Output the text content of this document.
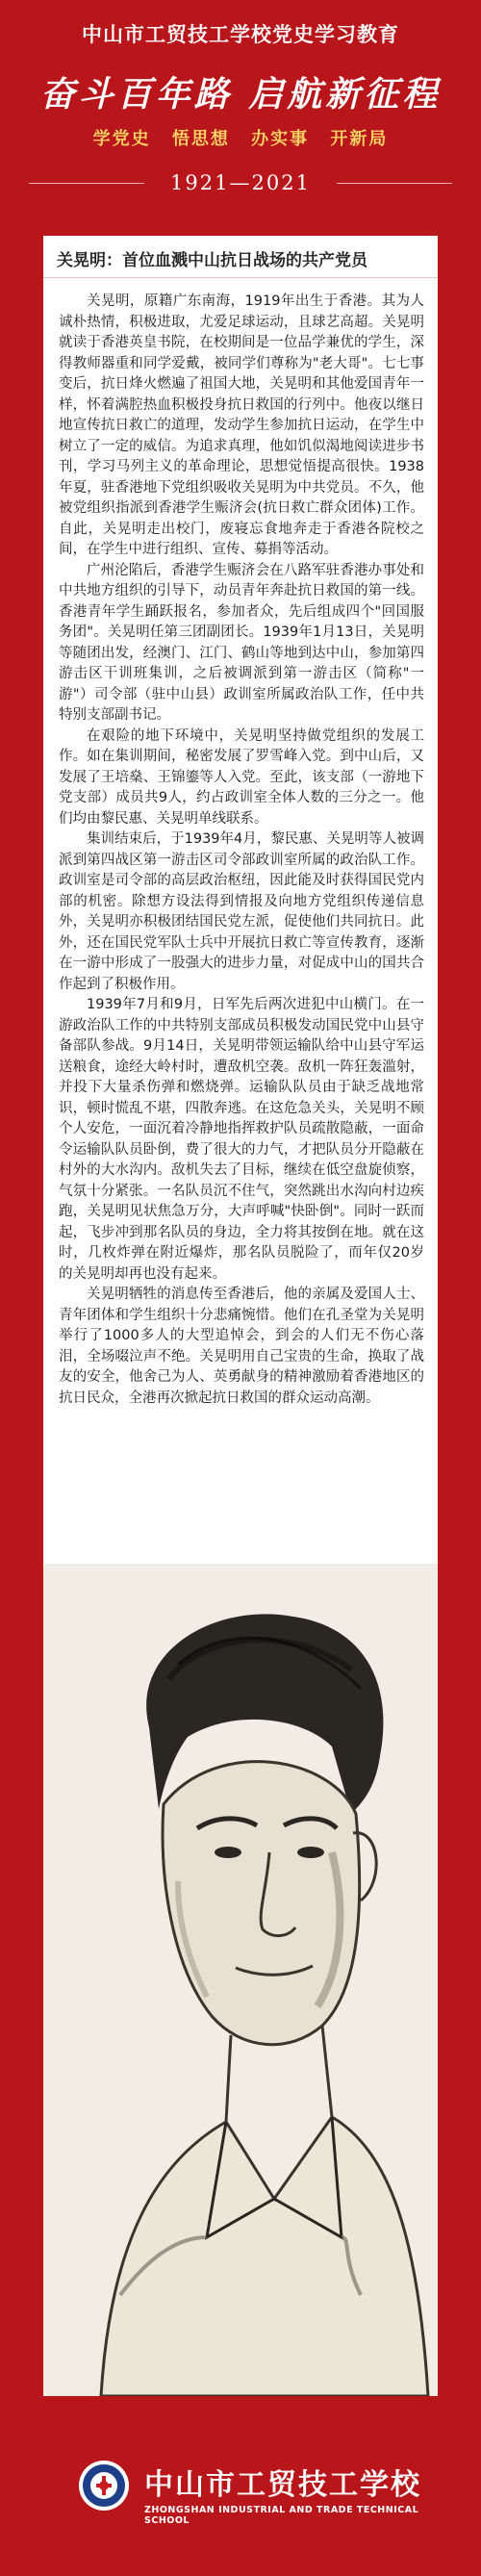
中山市工贸技工学校党史学习教育
奋斗百年路 启航新征程
学党史 悟思想 办实事 开新局
1921—2021
关晃明：首位血溅中山抗日战场的共产党员

关晃明，原籍广东南海，1919年出生于香港。其为人诚朴热情，积极进取，尤爱足球运动，且球艺高超。关晃明就读于香港英皇书院，在校期间是一位品学兼优的学生，深得教师器重和同学爱戴，被同学们尊称为"老大哥"。七七事变后，抗日烽火燃遍了祖国大地，关晃明和其他爱国青年一样，怀着满腔热血积极投身抗日救国的行列中。他夜以继日地宣传抗日救亡的道理，发动学生参加抗日运动，在学生中树立了一定的威信。为追求真理，他如饥似渴地阅读进步书刊，学习马列主义的革命理论，思想觉悟提高很快。1938年夏，驻香港地下党组织吸收关晃明为中共党员。不久，他被党组织指派到香港学生赈济会(抗日救亡群众团体)工作。自此，关晃明走出校门，废寝忘食地奔走于香港各院校之间，在学生中进行组织、宣传、募捐等活动。

广州沦陷后，香港学生赈济会在八路军驻香港办事处和中共地方组织的引导下，动员青年奔赴抗日救国的第一线。香港青年学生踊跃报名，参加者众，先后组成四个"回国服务团"。关晃明任第三团副团长。1939年1月13日，关晃明等随团出发，经澳门、江门、鹤山等地到达中山，参加第四游击区干训班集训，之后被调派到第一游击区（简称"一游"）司令部（驻中山县）政训室所属政治队工作，任中共特别支部副书记。

在艰险的地下环境中，关晃明坚持做党组织的发展工作。如在集训期间，秘密发展了罗雪峰入党。到中山后，又发展了王培燊、王锦鎏等人入党。至此，该支部（一游地下党支部）成员共9人，约占政训室全体人数的三分之一。他们均由黎民惠、关晃明单线联系。

集训结束后，于1939年4月，黎民惠、关晃明等人被调派到第四战区第一游击区司令部政训室所属的政治队工作。政训室是司令部的高层政治枢纽，因此能及时获得国民党内部的机密。除想方设法得到情报及向地方党组织传递信息外，关晃明亦积极团结国民党左派，促使他们共同抗日。此外，还在国民党军队士兵中开展抗日救亡等宣传教育，逐渐在一游中形成了一股强大的进步力量，对促成中山的国共合作起到了积极作用。

1939年7月和9月，日军先后两次进犯中山横门。在一游政治队工作的中共特别支部成员积极发动国民党中山县守备部队参战。9月14日，关晃明带领运输队给中山县守军运送粮食，途经大岭村时，遭敌机空袭。敌机一阵狂轰滥射，并投下大量杀伤弹和燃烧弹。运输队队员由于缺乏战地常识，顿时慌乱不堪，四散奔逃。在这危急关头，关晃明不顾个人安危，一面沉着冷静地指挥救护队员疏散隐蔽，一面命令运输队队员卧倒，费了很大的力气，才把队员分开隐蔽在村外的大水沟内。敌机失去了目标，继续在低空盘旋侦察，气氛十分紧张。一名队员沉不住气，突然跳出水沟向村边疾跑，关晃明见状焦急万分，大声呼喊"快卧倒"。同时一跃而起，飞步冲到那名队员的身边，全力将其按倒在地。就在这时，几枚炸弹在附近爆炸，那名队员脱险了，而年仅20岁的关晃明却再也没有起来。

关晃明牺牲的消息传至香港后，他的亲属及爱国人士、青年团体和学生组织十分悲痛惋惜。他们在孔圣堂为关晃明举行了1000多人的大型追悼会，到会的人们无不伤心落泪，全场啜泣声不绝。关晃明用自己宝贵的生命，换取了战友的安全，他舍己为人、英勇献身的精神激励着香港地区的抗日民众，全港再次掀起抗日救国的群众运动高潮。

中山市工贸技工学校
ZHONGSHAN INDUSTRIAL AND TRADE TECHNICAL SCHOOL
